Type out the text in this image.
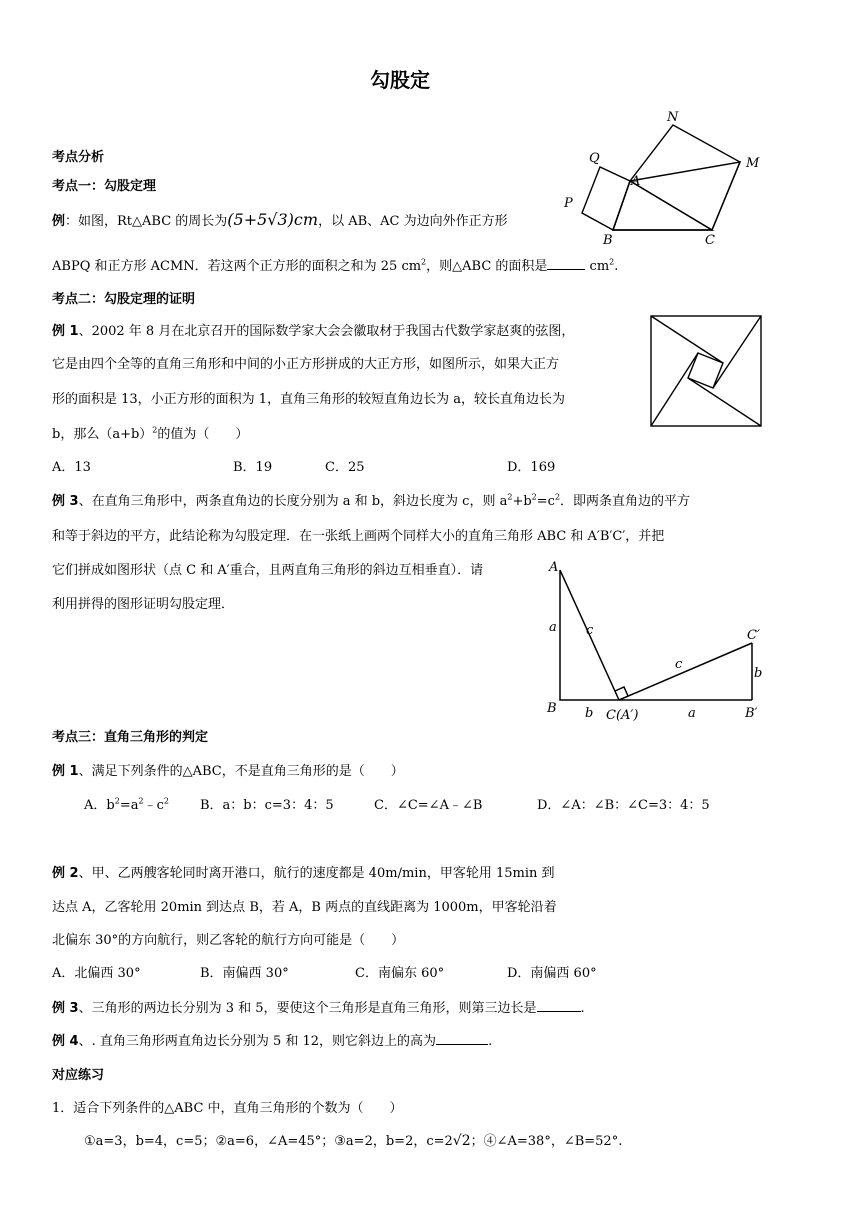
勾股定
考点分析
考点一：勾股定理
例：如图，Rt△ABC 的周长为(5+5√3)cm，以 AB、AC 为边向外作正方形
ABPQ 和正方形 ACMN．若这两个正方形的面积之和为 25 $cm^2$，则△ABC 的面积是	$cm^2$.
N
M
Q
A
P
B	C
考点二：勾股定理的证明
例 1、2002 年 8 月在北京召开的国际数学家大会会徽取材于我国古代数学家赵爽的弦图，
它是由四个全等的直角三角形和中间的小正方形拼成的大正方形，如图所示，如果大正方
形的面积是 13，小正方形的面积为 1，直角三角形的较短直角边长为 a，较长直角边长为
b，那么$(a+b)^2$的值为（　　）
A．13	B．19	C．25	D．169
例 3、在直角三角形中，两条直角边的长度分别为 a 和 b，斜边长度为 c，则 $a^2+b^2=c^2$．即两条直角边的平方
和等于斜边的平方，此结论称为勾股定理．在一张纸上画两个同样大小的直角三角形 ABC 和 A′B′C′，并把
它们拼成如图形状（点 C 和 A′重合，且两直角三角形的斜边互相垂直）．请
利用拼得的图形证明勾股定理．
A
a c	C′
c
b
B b C(A′)	a	B′
考点三：直角三角形的判定
例 1、满足下列条件的△ABC，不是直角三角形的是（　　）
A．$b^2=a^2﹣c^2$ B．a：b：c=3：4：5	C．∠C=∠A﹣∠B	D．∠A：∠B：∠C=3：4：5
例 2、甲、乙两艘客轮同时离开港口，航行的速度都是 40m/min，甲客轮用 15min 到
达点 A，乙客轮用 20min 到达点 B，若 A，B 两点的直线距离为 1000m，甲客轮沿着
北偏东 30°的方向航行，则乙客轮的航行方向可能是（　　）
A．北偏西 30°	B．南偏西 30°	C．南偏东 60°	D．南偏西 60°
例 3、三角形的两边长分别为 3 和 5，要使这个三角形是直角三角形，则第三边长是	.
例 4、. 直角三角形两直角边长分别为 5 和 12，则它斜边上的高为	.
对应练习
1．适合下列条件的△ABC 中，直角三角形的个数为（　　）
①a=3，b=4，c=5；②a=6，∠A=45°；③a=2，b=2，c=2√2；④∠A=38°，∠B=52°.
